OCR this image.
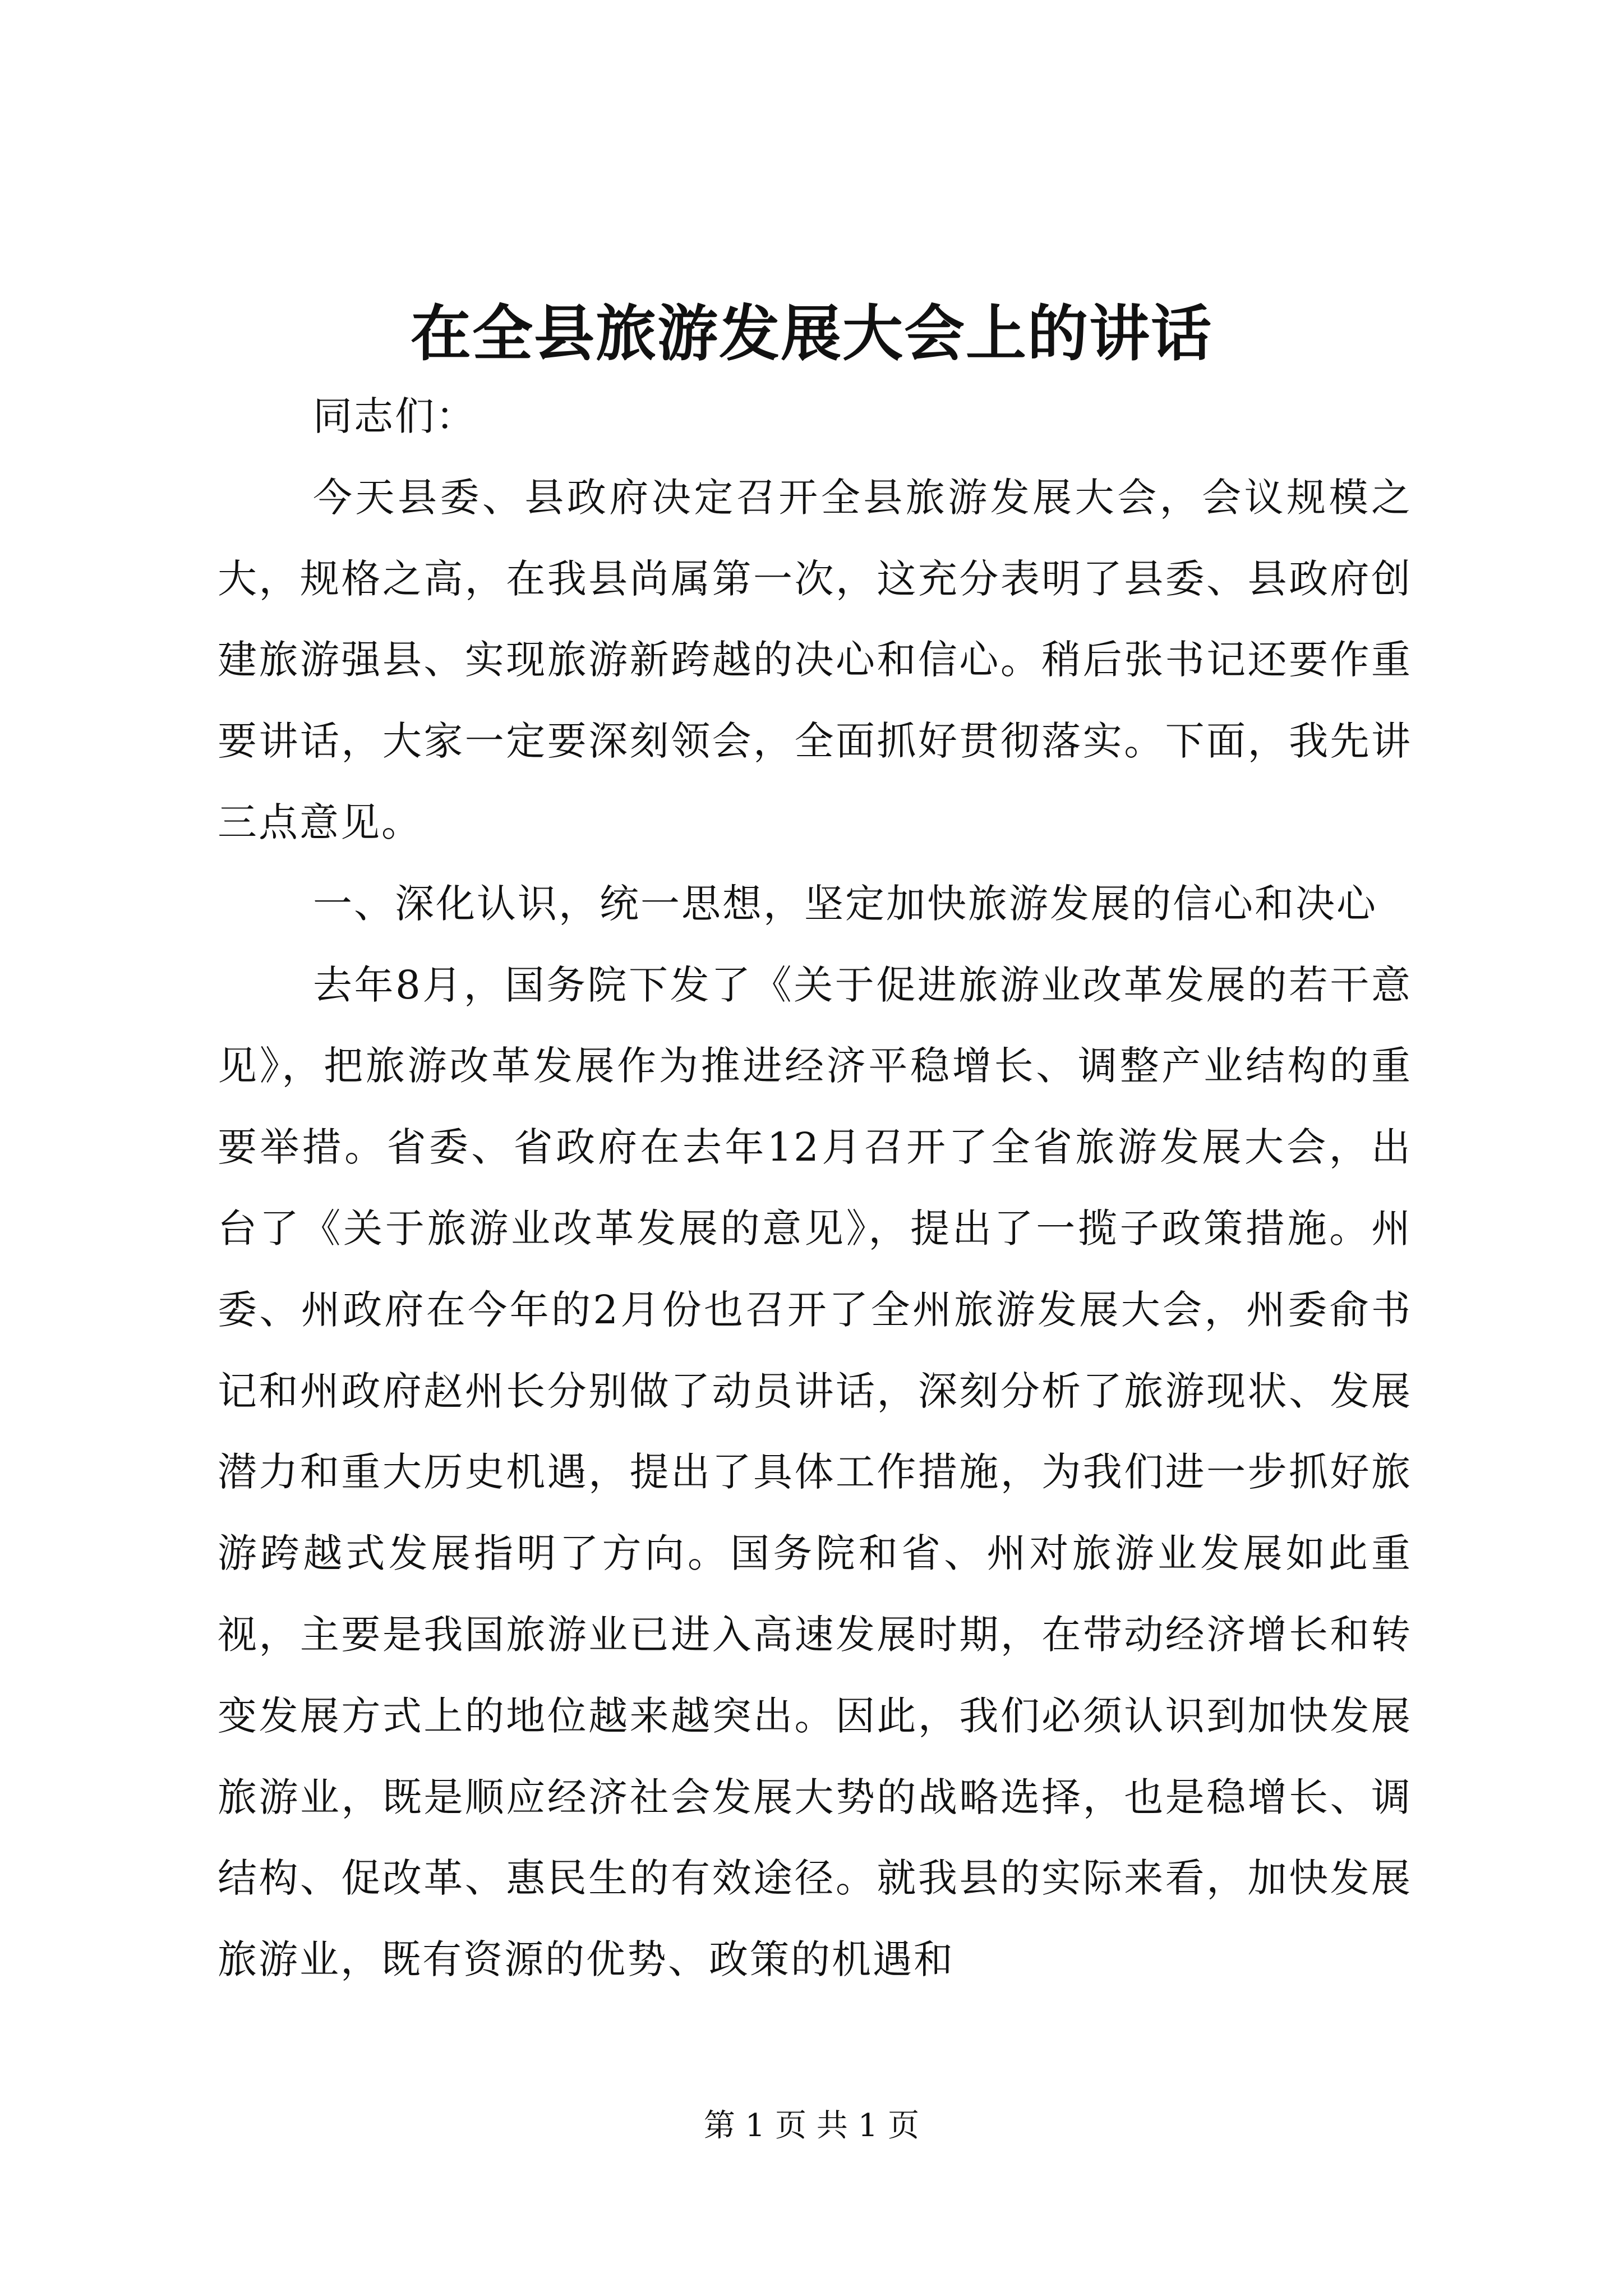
在全县旅游发展大会上的讲话

同志们：

今天县委、县政府决定召开全县旅游发展大会，会议规模之大，规格之高，在我县尚属第一次，这充分表明了县委、县政府创建旅游强县、实现旅游新跨越的决心和信心。稍后张书记还要作重要讲话，大家一定要深刻领会，全面抓好贯彻落实。下面，我先讲三点意见。

一、深化认识，统一思想，坚定加快旅游发展的信心和决心

去年8月，国务院下发了《关于促进旅游业改革发展的若干意见》，把旅游改革发展作为推进经济平稳增长、调整产业结构的重要举措。省委、省政府在去年12月召开了全省旅游发展大会，出台了《关于旅游业改革发展的意见》，提出了一揽子政策措施。州委、州政府在今年的2月份也召开了全州旅游发展大会，州委俞书记和州政府赵州长分别做了动员讲话，深刻分析了旅游现状、发展潜力和重大历史机遇，提出了具体工作措施，为我们进一步抓好旅游跨越式发展指明了方向。国务院和省、州对旅游业发展如此重视，主要是我国旅游业已进入高速发展时期，在带动经济增长和转变发展方式上的地位越来越突出。因此，我们必须认识到加快发展旅游业，既是顺应经济社会发展大势的战略选择，也是稳增长、调结构、促改革、惠民生的有效途径。就我县的实际来看，加快发展旅游业，既有资源的优势、政策的机遇和

第 1 页 共 1 页
